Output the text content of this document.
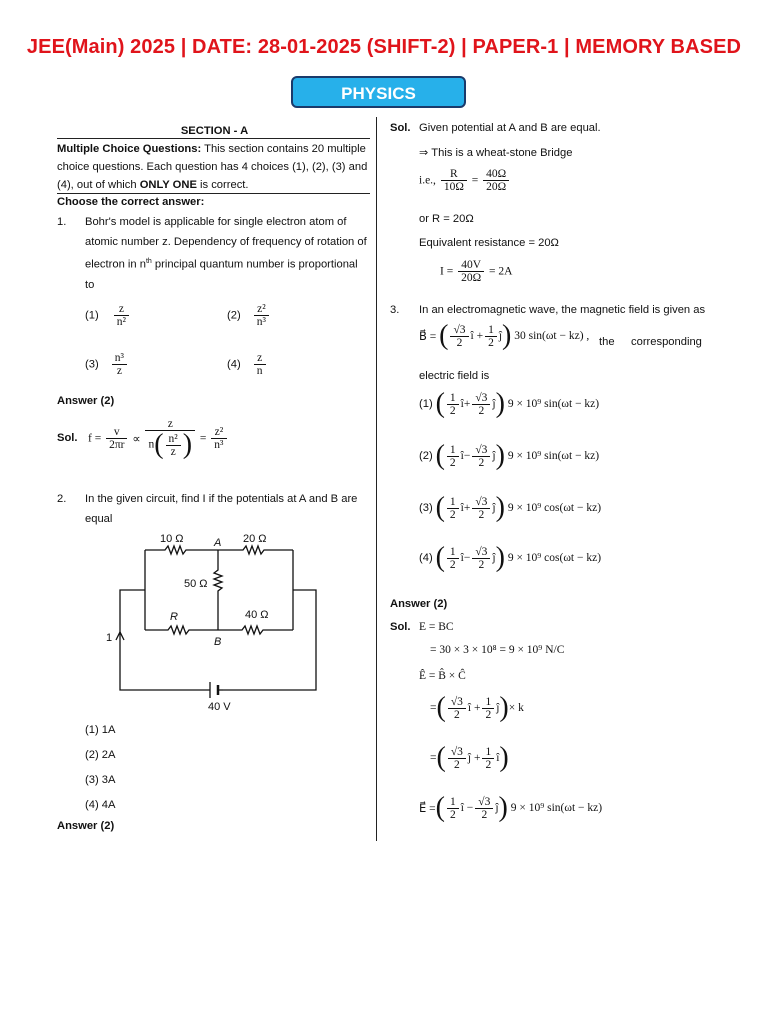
JEE(Main) 2025 | DATE: 28-01-2025 (SHIFT-2) | PAPER-1 | MEMORY BASED
PHYSICS
SECTION - A
Multiple Choice Questions: This section contains 20 multiple
choice questions. Each question has 4 choices (1), (2), (3) and
(4), out of which ONLY ONE is correct.
Choose the correct answer:
1. Bohr's model is applicable for single electron atom of
atomic number z. Dependency of frequency of rotation of
electron in $n^{th}$ principal quantum number is proportional
to
$(1) \frac{z}{\text{n²}}$	$(2) \frac{\text{z²}}{\text{n³}}$
$(3) \frac{\text{n³}}{z}$	$(4) \frac{z}{n}$
Answer (2)
Sol. $f = \frac{v}{2\pi r} \propto \frac{z}{n( \frac{\text{n²}}{z} )} = \frac{\text{z²}}{\text{n³}}$
2. In the given circuit, find I if the potentials at A and B are
equal
10 Ω	A 20 Ω
50 Ω
R	40 Ω
B
1
40 V
(1) 1A
(2) 2A
(3) 3A
(4) 4A
Answer (2)
Sol. Given potential at A and B are equal.
⇒ This is a wheat-stone Bridge
i.e., $\frac{R}{10\Omega} = \frac{40\Omega}{20\Omega}$
or R = 20Ω
Equivalent resistance = 20Ω
$I = \frac{40V}{20\Omega} = 2A$
3. In an electromagnetic wave, the magnetic field is given as
B⃗ = ( $\frac{√3}{2}$ î + $\frac{1}{2}$ ĵ) 30 sin(ωt − kz) , the corresponding
electric field is
(1) ( $\frac{1}{2}$ î+ $\frac{√3}{2}$ ĵ) 9 × 10⁹ sin(ωt − kz)
(2) ( $\frac{1}{2}$ î− $\frac{√3}{2}$ ĵ) 9 × 10⁹ sin(ωt − kz)
(3) ( $\frac{1}{2}$ î+ $\frac{√3}{2}$ ĵ) 9 × 10⁹ cos(ωt − kz)
(4) ( $\frac{1}{2}$ î− $\frac{√3}{2}$ ĵ) 9 × 10⁹ cos(ωt − kz)
Answer (2)
Sol. E = BC
= 30 × 3 × 10⁸ = 9 × 10⁹ N/C
Ê = B̂ × Ĉ
=( $\frac{√3}{2}$ î + $\frac{1}{2}$ ĵ)× k
=( $\frac{√3}{2}$ ĵ + $\frac{1}{2}$ î)
E⃗ =( $\frac{1}{2}$ î − $\frac{√3}{2}$ ĵ) 9 × 10⁹ sin(ωt − kz)
